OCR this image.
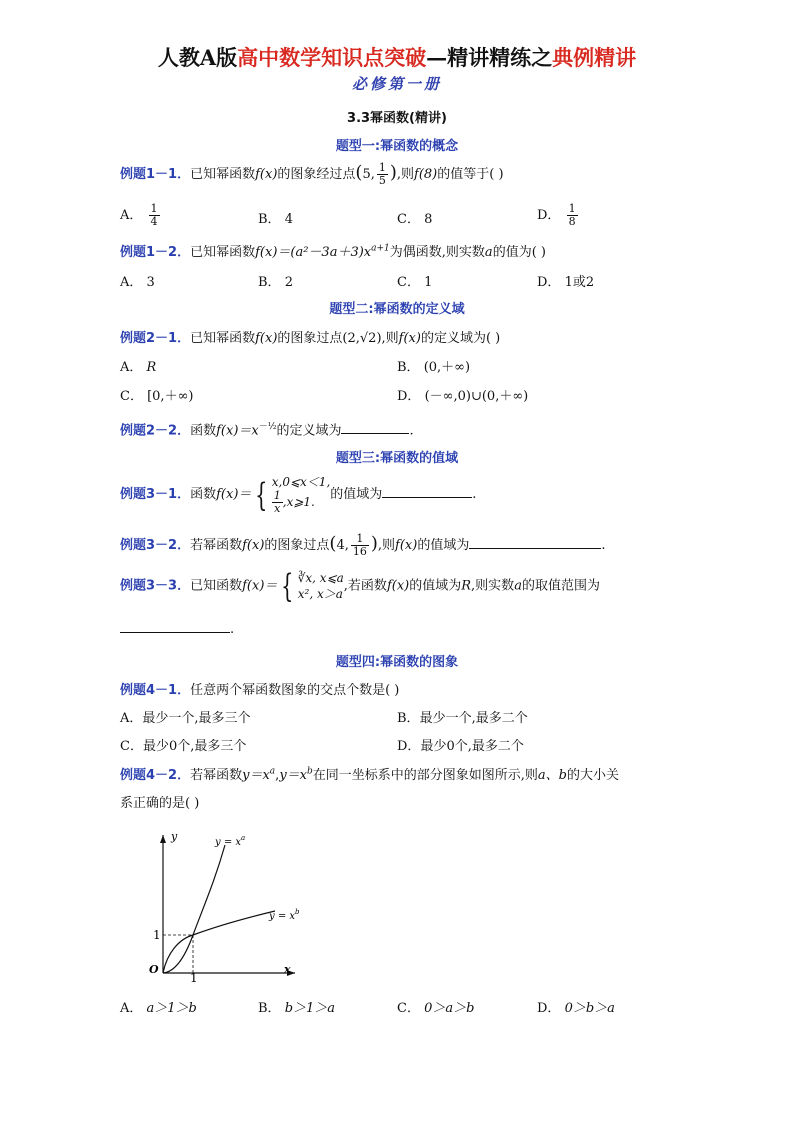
人教A版高中数学知识点突破—精讲精练之典例精讲
必修第一册
3.3幂函数(精讲)
题型一:幂函数的概念
例题1－1．已知幂函数f(x)的图象经过点(5, $\frac{1}{5}$ ),则f(8)的值等于( )
A． $\frac{1}{4}$	B． 4	C． 8	D． $\frac{1}{8}$
例题1－2．已知幂函数$f(x)=(a^2-3a+3)x^{a+1}$为偶函数,则实数a的值为( )
A． 3	B． 2	C． 1	D． 1或2
题型二:幂函数的定义域
例题2－1．已知幂函数f(x)的图象过点(2,√2),则f(x)的定义域为( )
A． R	B． (0,＋∞)
C． [0,＋∞)	D． (－∞,0)∪(0,＋∞)
例题2－2．函数$f(x)=x^{-\frac{1}{2}}$的定义域为	.
题型三:幂函数的值域
例题3－1．函数f(x)＝ { x,0⩽x＜1,
$\frac{1}{x}$ ,x⩾1.	的值域为	.
例题3－2．若幂函数f(x)的图象过点(4, $\frac{1}{16}$ ),则f(x)的值域为	.
例题3－3．已知函数f(x)＝ { ∛x, x⩽a
x², x＞a
,若函数f(x)的值域为R,则实数a的取值范围为
.
题型四:幂函数的图象
例题4－1．任意两个幂函数图象的交点个数是( )
A．最少一个,最多三个	B．最少一个,最多二个
C．最少0个,最多三个	D．最少0个,最多二个
例题4－2．若幂函数$y=x^a,y=x^b$在同一坐标系中的部分图象如图所示,则a、b的大小关
系正确的是( )
y
x
O
1
1
$y = x^a$
$y = x^b$
A． a＞1＞b	B． b＞1＞a	C． 0＞a＞b	D． 0＞b＞a
